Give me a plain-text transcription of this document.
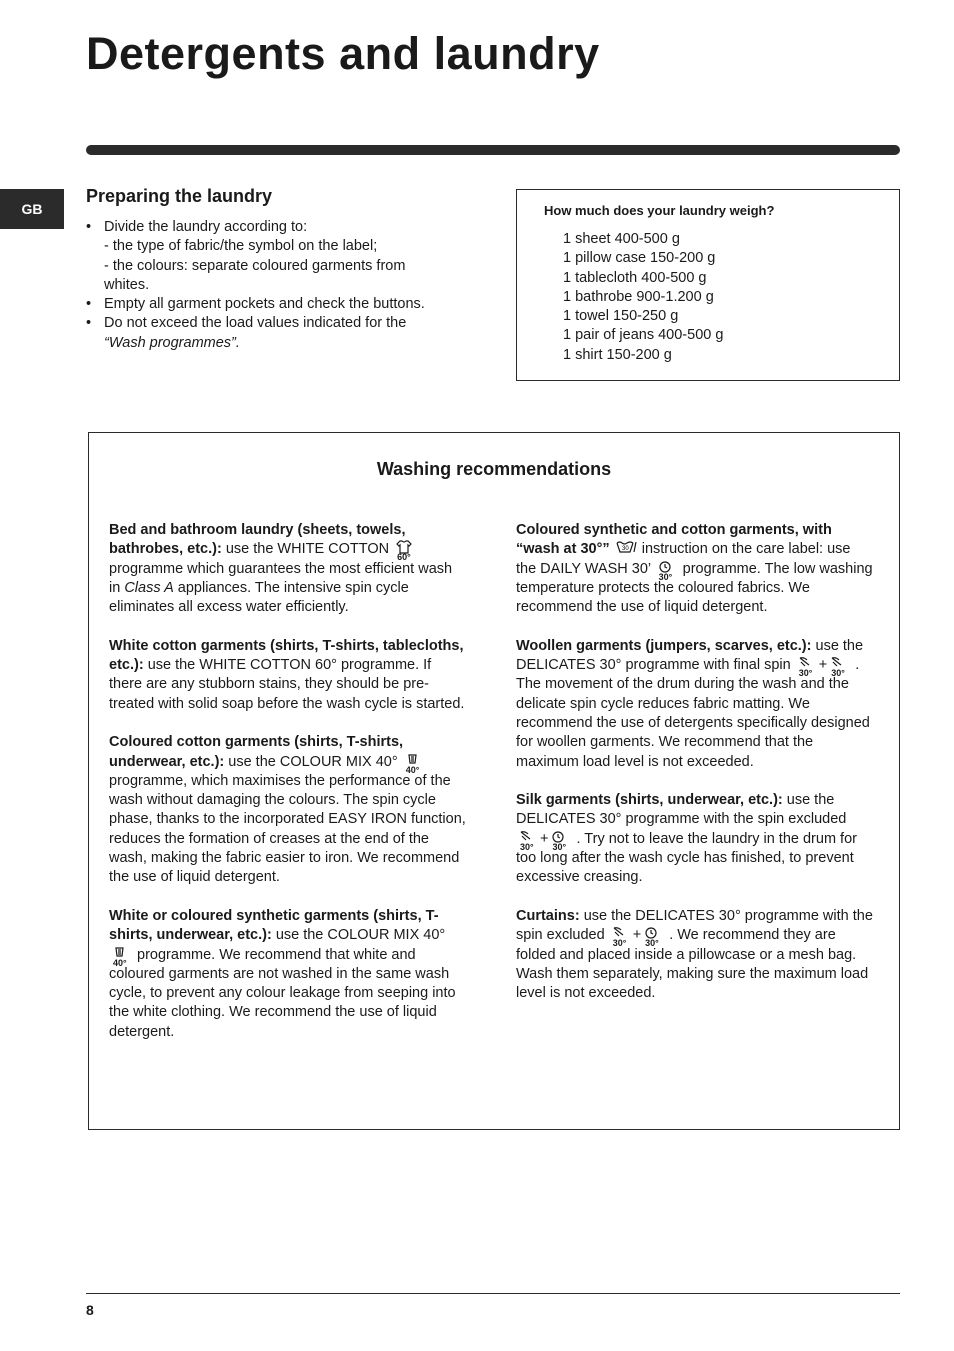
Detergents and laundry
GB
Preparing the laundry
• Divide the laundry according to:
- the type of fabric/the symbol on the label;
- the colours: separate coloured garments from whites.
• Empty all garment pockets and check the buttons.
• Do not exceed the load values indicated for the “Wash programmes”.
How much does your laundry weigh?
1 sheet 400-500 g
1 pillow case 150-200 g
1 tablecloth 400-500 g
1 bathrobe 900-1.200 g
1 towel 150-250 g
1 pair of jeans 400-500 g
1 shirt 150-200 g
Washing recommendations

Bed and bathroom laundry (sheets, towels, bathrobes, etc.): use the WHITE COTTON
60°
programme which guarantees the most efficient wash in Class A appliances. The intensive spin cycle eliminates all excess water efficiently.

White cotton garments (shirts, T-shirts, tablecloths, etc.): use the WHITE COTTON 60° programme. If there are any stubborn stains, they should be pre-treated with solid soap before the wash cycle is started.

Coloured cotton garments (shirts, T-shirts, underwear, etc.): use the COLOUR MIX 40°
40°
programme, which maximises the performance of the wash without damaging the colours. The spin cycle phase, thanks to the incorporated EASY IRON function, reduces the formation of creases at the end of the wash, making the fabric easier to iron. We recommend the use of liquid detergent.

White or coloured synthetic garments (shirts, T-shirts, underwear, etc.): use the COLOUR MIX 40°
40°
programme. We recommend that white and coloured garments are not washed in the same wash cycle, to prevent any colour leakage from seeping into the white clothing. We recommend the use of liquid detergent.

Coloured synthetic and cotton garments, with “wash at 30°” 30 instruction on the care label: use the DAILY WASH 30’
30°
programme. The low washing temperature protects the coloured fabrics. We recommend the use of liquid detergent.

Woollen garments (jumpers, scarves, etc.): use the DELICATES 30° programme with final spin
30°
+
30°
. The movement of the drum during the wash and the delicate spin cycle reduces fabric matting. We recommend the use of detergents specifically designed for woollen garments. We recommend that the maximum load level is not exceeded.

Silk garments (shirts, underwear, etc.): use the DELICATES 30° programme with the spin excluded
30°
+
30°
. Try not to leave the laundry in the drum for too long after the wash cycle has finished, to prevent excessive creasing.

Curtains: use the DELICATES 30° programme with the spin excluded
30°
+
30°
. We recommend they are folded and placed inside a pillowcase or a mesh bag. Wash them separately, making sure the maximum load level is not exceeded.

8
